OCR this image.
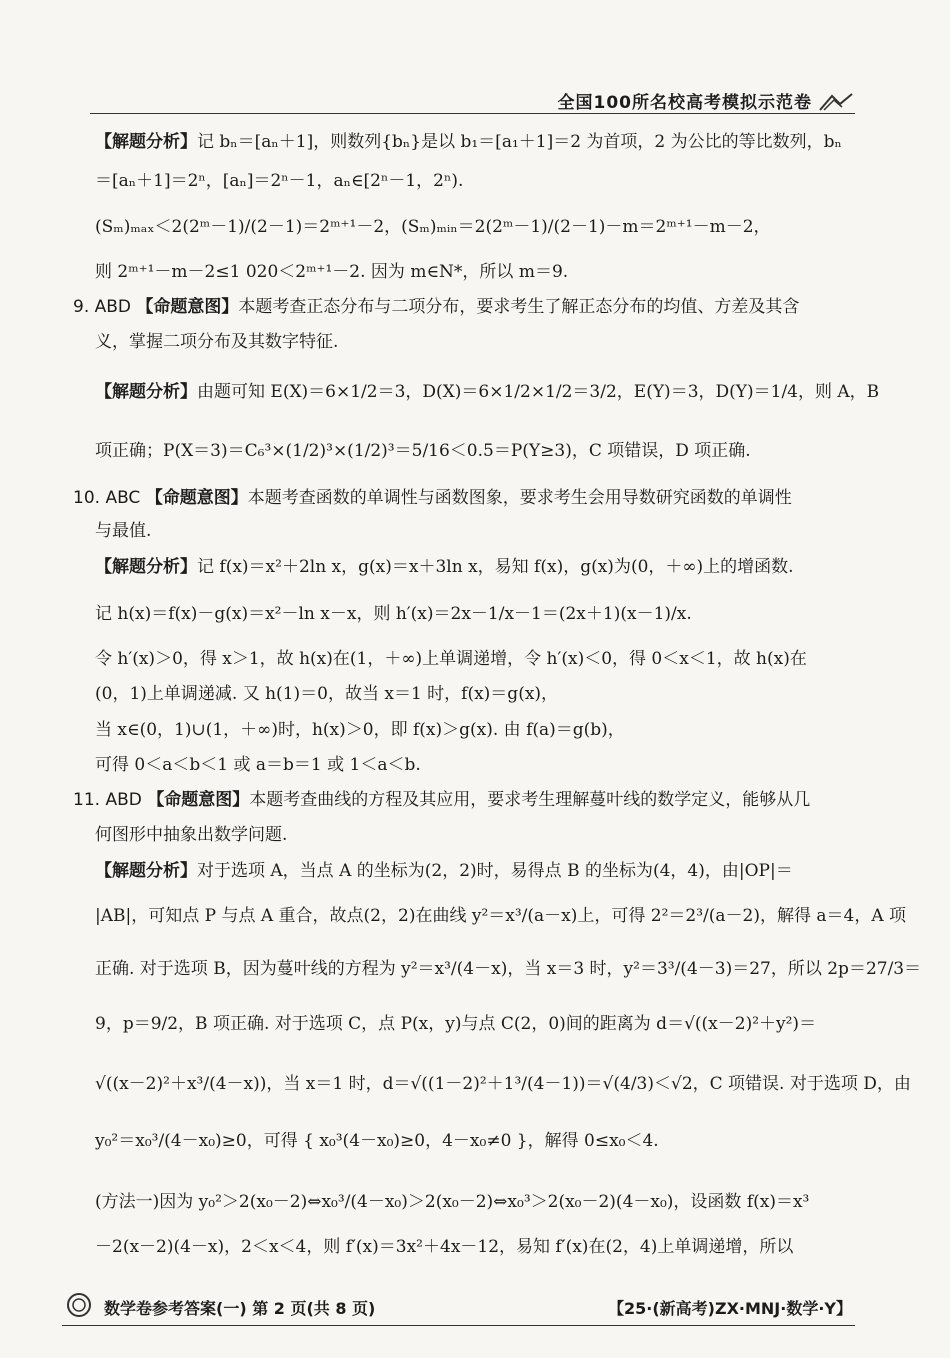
全国100所名校高考模拟示范卷
【解题分析】记 bₙ＝[aₙ＋1]，则数列{bₙ}是以 b₁＝[a₁＋1]＝2 为首项，2 为公比的等比数列，bₙ
＝[aₙ＋1]＝2ⁿ，[aₙ]＝2ⁿ－1，aₙ∈[2ⁿ－1，2ⁿ).
(Sₘ)ₘₐₓ＜2(2ᵐ－1)/(2－1)＝2ᵐ⁺¹－2，(Sₘ)ₘᵢₙ＝2(2ᵐ－1)/(2－1)－m＝2ᵐ⁺¹－m－2，
则 2ᵐ⁺¹－m－2≤1 020＜2ᵐ⁺¹－2. 因为 m∈N*，所以 m＝9.
9. ABD 【命题意图】本题考查正态分布与二项分布，要求考生了解正态分布的均值、方差及其含
义，掌握二项分布及其数字特征.
【解题分析】由题可知 E(X)＝6×1/2＝3，D(X)＝6×1/2×1/2＝3/2，E(Y)＝3，D(Y)＝1/4，则 A，B
项正确；P(X＝3)＝C₆³×(1/2)³×(1/2)³＝5/16＜0.5＝P(Y≥3)，C 项错误，D 项正确.
10. ABC 【命题意图】本题考查函数的单调性与函数图象，要求考生会用导数研究函数的单调性
与最值.
【解题分析】记 f(x)＝x²＋2ln x，g(x)＝x＋3ln x，易知 f(x)，g(x)为(0，＋∞)上的增函数.
记 h(x)＝f(x)－g(x)＝x²－ln x－x，则 h′(x)＝2x－1/x－1＝(2x＋1)(x－1)/x.
令 h′(x)＞0，得 x＞1，故 h(x)在(1，＋∞)上单调递增，令 h′(x)＜0，得 0＜x＜1，故 h(x)在
(0，1)上单调递减. 又 h(1)＝0，故当 x＝1 时，f(x)＝g(x)，
当 x∈(0，1)∪(1，＋∞)时，h(x)＞0，即 f(x)＞g(x). 由 f(a)＝g(b)，
可得 0＜a＜b＜1 或 a＝b＝1 或 1＜a＜b.
11. ABD 【命题意图】本题考查曲线的方程及其应用，要求考生理解蔓叶线的数学定义，能够从几
何图形中抽象出数学问题.
【解题分析】对于选项 A，当点 A 的坐标为(2，2)时，易得点 B 的坐标为(4，4)，由|OP|＝
|AB|，可知点 P 与点 A 重合，故点(2，2)在曲线 y²＝x³/(a－x)上，可得 2²＝2³/(a－2)，解得 a＝4，A 项
正确. 对于选项 B，因为蔓叶线的方程为 y²＝x³/(4－x)，当 x＝3 时，y²＝3³/(4－3)＝27，所以 2p＝27/3＝
9，p＝9/2，B 项正确. 对于选项 C，点 P(x，y)与点 C(2，0)间的距离为 d＝√((x－2)²＋y²)＝
√((x－2)²＋x³/(4－x))，当 x＝1 时，d＝√((1－2)²＋1³/(4－1))＝√(4/3)＜√2，C 项错误. 对于选项 D，由
y₀²＝x₀³/(4－x₀)≥0，可得 { x₀³(4－x₀)≥0，4－x₀≠0 }，解得 0≤x₀＜4.
(方法一)因为 y₀²＞2(x₀－2)⇔x₀³/(4－x₀)＞2(x₀－2)⇔x₀³＞2(x₀－2)(4－x₀)，设函数 f(x)＝x³
－2(x－2)(4－x)，2＜x＜4，则 f′(x)＝3x²＋4x－12，易知 f′(x)在(2，4)上单调递增，所以
数学卷参考答案(一) 第 2 页(共 8 页)	【25·(新高考)ZX·MNJ·数学·Y】
